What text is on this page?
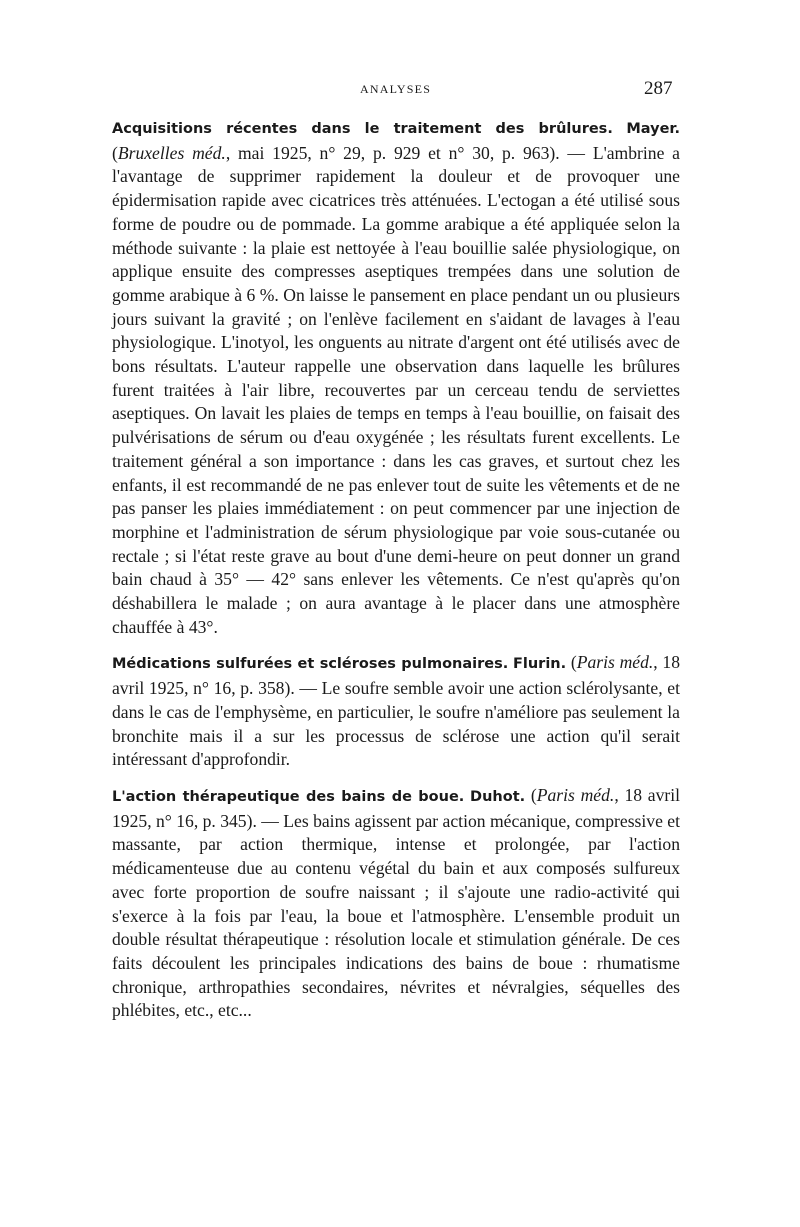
ANALYSES	287

Acquisitions récentes dans le traitement des brûlures. Mayer. (Bruxelles méd., mai 1925, n° 29, p. 929 et n° 30, p. 963). — L'ambrine a l'avantage de supprimer rapidement la douleur et de provoquer une épidermisation rapide avec cicatrices très atténuées. L'ectogan a été utilisé sous forme de poudre ou de pommade. La gomme arabique a été appliquée selon la méthode suivante : la plaie est nettoyée à l'eau bouillie salée physiologique, on applique ensuite des compresses aseptiques trempées dans une solution de gomme arabique à 6 %. On laisse le pansement en place pendant un ou plusieurs jours suivant la gravité ; on l'enlève facilement en s'aidant de lavages à l'eau physiologique. L'inotyol, les onguents au nitrate d'argent ont été utilisés avec de bons résultats. L'auteur rappelle une observation dans laquelle les brûlures furent traitées à l'air libre, recouvertes par un cerceau tendu de serviettes aseptiques. On lavait les plaies de temps en temps à l'eau bouillie, on faisait des pulvérisations de sérum ou d'eau oxygénée ; les résultats furent excellents. Le traitement général a son importance : dans les cas graves, et surtout chez les enfants, il est recommandé de ne pas enlever tout de suite les vêtements et de ne pas panser les plaies immédiatement : on peut commencer par une injection de morphine et l'administration de sérum physiologique par voie sous-cutanée ou rectale ; si l'état reste grave au bout d'une demi-heure on peut donner un grand bain chaud à 35° — 42° sans enlever les vêtements. Ce n'est qu'après qu'on déshabillera le malade ; on aura avantage à le placer dans une atmosphère chauffée à 43°.

Médications sulfurées et scléroses pulmonaires. Flurin. (Paris méd., 18 avril 1925, n° 16, p. 358). — Le soufre semble avoir une action sclérolysante, et dans le cas de l'emphysème, en particulier, le soufre n'améliore pas seulement la bronchite mais il a sur les processus de sclérose une action qu'il serait intéressant d'approfondir.

L'action thérapeutique des bains de boue. Duhot. (Paris méd., 18 avril 1925, n° 16, p. 345). — Les bains agissent par action mécanique, compressive et massante, par action thermique, intense et prolongée, par l'action médicamenteuse due au contenu végétal du bain et aux composés sulfureux avec forte proportion de soufre naissant ; il s'ajoute une radio-activité qui s'exerce à la fois par l'eau, la boue et l'atmosphère. L'ensemble produit un double résultat thérapeutique : résolution locale et stimulation générale. De ces faits découlent les principales indications des bains de boue : rhumatisme chronique, arthropathies secondaires, névrites et névralgies, séquelles des phlébites, etc., etc...
